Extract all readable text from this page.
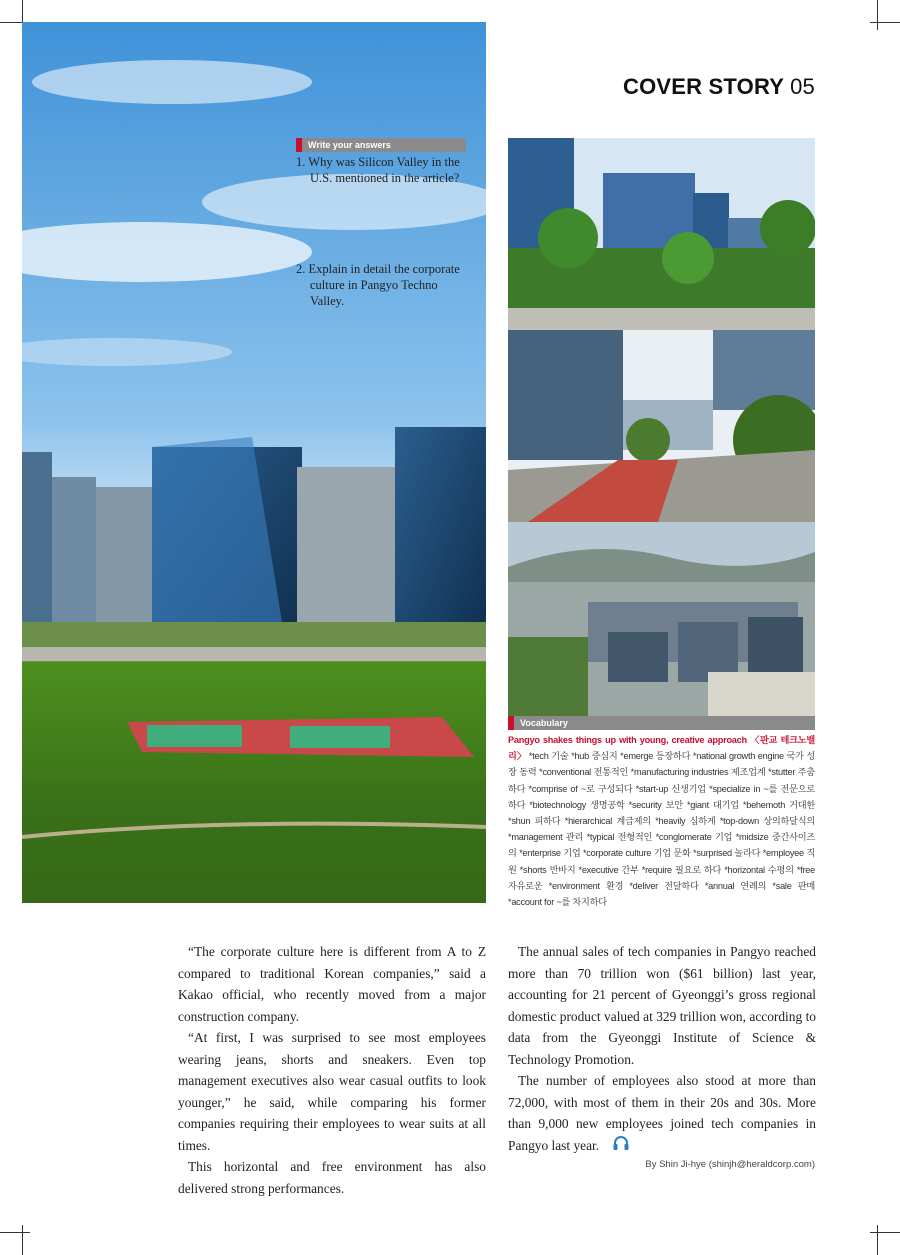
COVER STORY 05
Write your answers

1. Why was Silicon Valley in the U.S. mentioned in the article?

2. Explain in detail the corporate culture in Pangyo Techno Valley.

Vocabulary
Pangyo shakes things up with young, creative approach 〈판교 테크노밸리〉 *tech 기술 *hub 중심지 *emerge 등장하다 *national growth engine 국가 성장 동력 *conventional 전통적인 *manufacturing industries 제조업계 *stutter 주춤하다 *comprise of ~로 구성되다 *start-up 신생기업 *specialize in ~를 전문으로 하다 *biotechnology 생명공학 *security 보안 *giant 대기업 *behemoth 거대한 *shun 피하다 *hierarchical 계급제의 *heavily 심하게 *top-down 상의하달식의 *management 관리 *typical 전형적인 *conglomerate 기업 *midsize 중간사이즈의 *enterprise 기업 *corporate culture 기업 문화 *surprised 놀라다 *employee 직원 *shorts 반바지 *executive 간부 *require 필요로 하다 *horizontal 수평의 *free 자유로운 *environment 환경 *deliver 전달하다 *annual 연례의 *sale 판매 *account for ~를 차지하다

“The corporate culture here is different from A to Z compared to traditional Korean companies,” said a Kakao official, who recently moved from a major construction company.

“At first, I was surprised to see most employees wearing jeans, shorts and sneakers. Even top management executives also wear casual outfits to look younger,” he said, while comparing his former companies requiring their employees to wear suits at all times.

This horizontal and free environment has also delivered strong performances.

The annual sales of tech companies in Pangyo reached more than 70 trillion won ($61 billion) last year, accounting for 21 percent of Gyeonggi’s gross regional domestic product valued at 329 trillion won, according to data from the Gyeonggi Institute of Science & Technology Promotion.

The number of employees also stood at more than 72,000, with most of them in their 20s and 30s. More than 9,000 new employees joined tech companies in Pangyo last year.

By Shin Ji-hye (shinjh@heraldcorp.com)
